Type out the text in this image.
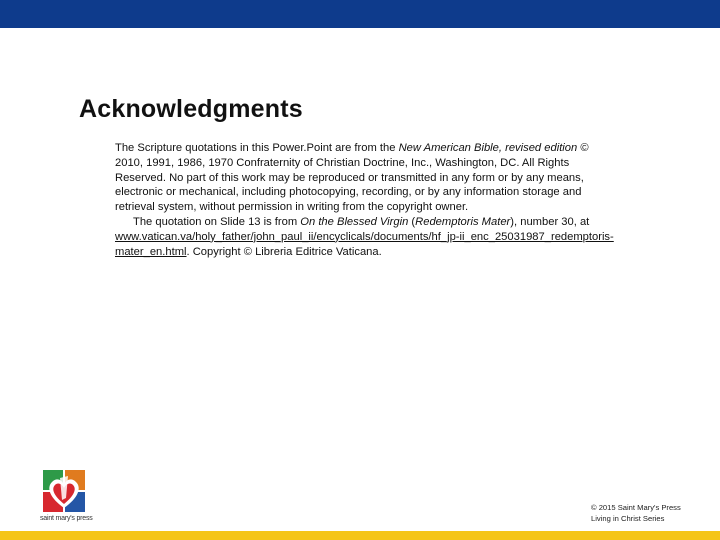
Acknowledgments

The Scripture quotations in this Power.Point are from the New American Bible, revised edition © 2010, 1991, 1986, 1970 Confraternity of Christian Doctrine, Inc., Washington, DC. All Rights Reserved. No part of this work may be reproduced or transmitted in any form or by any means, electronic or mechanical, including photocopying, recording, or by any information storage and retrieval system, without permission in writing from the copyright owner.

The quotation on Slide 13 is from On the Blessed Virgin (Redemptoris Mater), number 30, at www.vatican.va/holy_father/john_paul_ii/encyclicals/documents/hf_jp-ii_enc_25031987_redemptoris-mater_en.html. Copyright © Libreria Editrice Vaticana.

saint mary's press
© 2015 Saint Mary's Press
Living in Christ Series
